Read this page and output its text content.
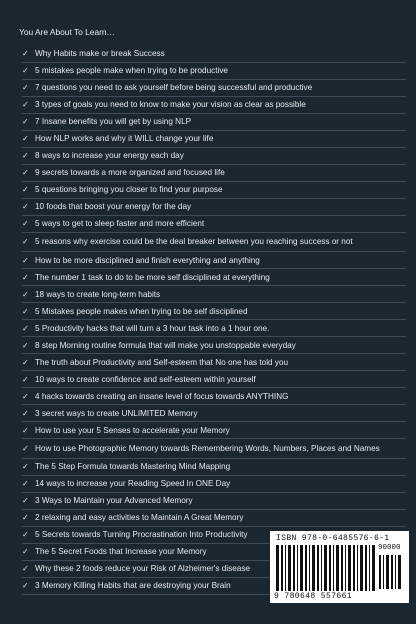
You Are About To Learn…
✓ Why Habits make or break Success
✓ 5 mistakes people make when trying to be productive
✓ 7 questions you need to ask yourself before being successful and productive
✓ 3 types of goals you need to know to make your vision as clear as possible
✓ 7 Insane benefits you will get by using NLP
✓ How NLP works and why it WILL change your life
✓ 8 ways to increase your energy each day
✓ 9 secrets towards a more organized and focused life
✓ 5 questions bringing you closer to find your purpose
✓ 10 foods that boost your energy for the day
✓ 5 ways to get to sleep faster and more efficient
✓ 5 reasons why exercise could be the deal breaker between you reaching success or not
✓ How to be more disciplined and finish everything and anything
✓ The number 1 task to do to be more self disciplined at everything
✓ 18 ways to create long-term habits
✓ 5 Mistakes people makes when trying to be self disciplined
✓ 5 Productivity hacks that will turn a 3 hour task into a 1 hour one.
✓ 8 step Morning routine formula that will make you unstoppable everyday
✓ The truth about Productivity and Self-esteem that No one has told you
✓ 10 ways to create confidence and self-esteem within yourself
✓ 4 hacks towards creating an insane level of focus towards ANYTHING
✓ 3 secret ways to create UNLIMITED Memory
✓ How to use your 5 Senses to accelerate your Memory
✓ How to use Photographic Memory towards Remembering Words, Numbers, Places and Names
✓ The 5 Step Formula towards Mastering Mind Mapping
✓ 14 ways to increase your Reading Speed In ONE Day
✓ 3 Ways to Maintain your Advanced Memory
✓ 2 relaxing and easy activities to Maintain A Great Memory
✓ 5 Secrets towards Turning Procrastination Into Productivity
✓ The 5 Secret Foods that Increase your Memory
✓ Why these 2 foods reduce your Risk of Alzheimer's disease
✓ 3 Memory Killing Habits that are destroying your Brain
ISBN 978-0-6485576-6-1
90000
9 780648 557661
